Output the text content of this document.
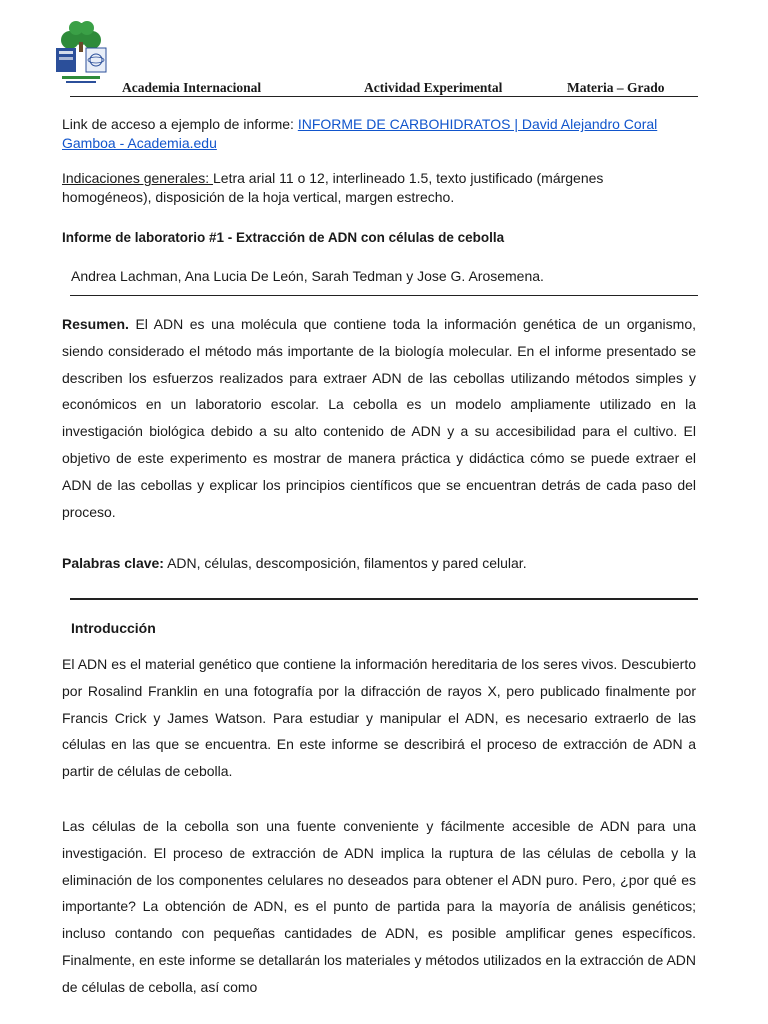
Academia Internacional	Actividad Experimental	Materia – Grado
Link de acceso a ejemplo de informe: INFORME DE CARBOHIDRATOS | David Alejandro Coral Gamboa - Academia.edu
Indicaciones generales: Letra arial 11 o 12, interlineado 1.5, texto justificado (márgenes homogéneos), disposición de la hoja vertical, margen estrecho.
Informe de laboratorio #1 - Extracción de ADN con células de cebolla
Andrea Lachman, Ana Lucia De León, Sarah Tedman y Jose G. Arosemena.
Resumen. El ADN es una molécula que contiene toda la información genética de un organismo, siendo considerado el método más importante de la biología molecular. En el informe presentado se describen los esfuerzos realizados para extraer ADN de las cebollas utilizando métodos simples y económicos en un laboratorio escolar. La cebolla es un modelo ampliamente utilizado en la investigación biológica debido a su alto contenido de ADN y a su accesibilidad para el cultivo. El objetivo de este experimento es mostrar de manera práctica y didáctica cómo se puede extraer el ADN de las cebollas y explicar los principios científicos que se encuentran detrás de cada paso del proceso.
Palabras clave: ADN, células, descomposición, filamentos y pared celular.
Introducción
El ADN es el material genético que contiene la información hereditaria de los seres vivos. Descubierto por Rosalind Franklin en una fotografía por la difracción de rayos X, pero publicado finalmente por Francis Crick y James Watson. Para estudiar y manipular el ADN, es necesario extraerlo de las células en las que se encuentra. En este informe se describirá el proceso de extracción de ADN a partir de células de cebolla.
Las células de la cebolla son una fuente conveniente y fácilmente accesible de ADN para una investigación. El proceso de extracción de ADN implica la ruptura de las células de cebolla y la eliminación de los componentes celulares no deseados para obtener el ADN puro. Pero, ¿por qué es importante? La obtención de ADN, es el punto de partida para la mayoría de análisis genéticos; incluso contando con pequeñas cantidades de ADN, es posible amplificar genes específicos. Finalmente, en este informe se detallarán los materiales y métodos utilizados en la extracción de ADN de células de cebolla, así como
